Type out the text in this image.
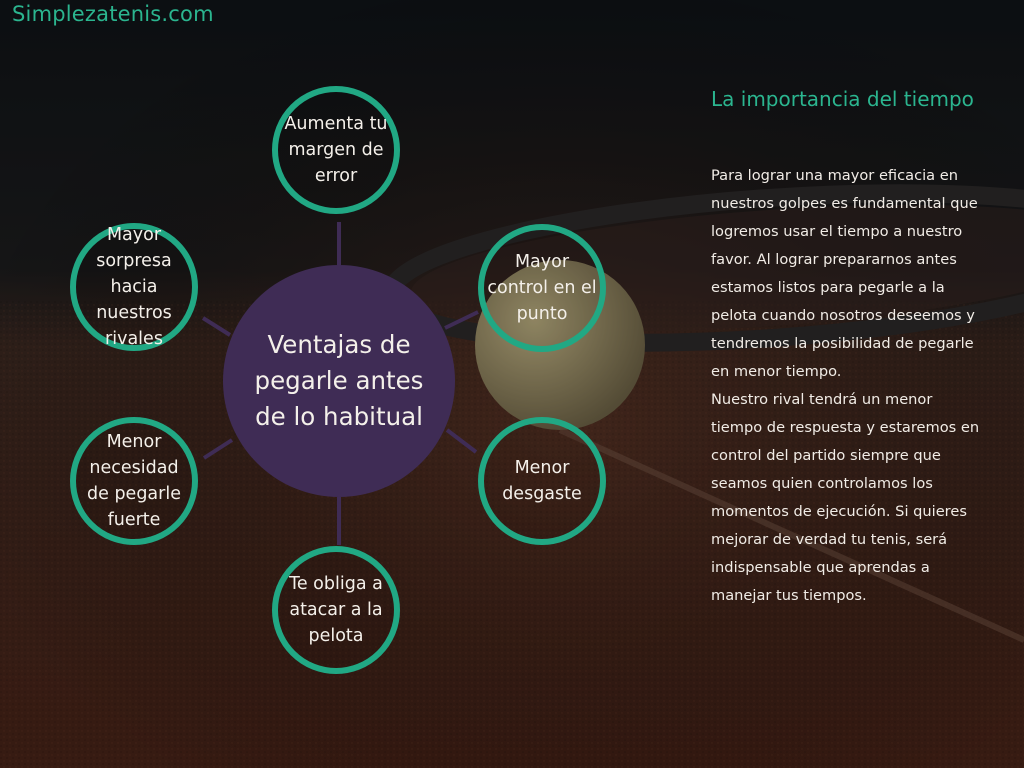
Simplezatenis.com
Ventajas de pegarle antes de lo habitual
Aumenta tu margen de error
Mayor control en el punto
Menor desgaste
Te obliga a atacar a la pelota
Menor necesidad de pegarle fuerte
Mayor sorpresa hacia nuestros rivales
La importancia del tiempo

Para lograr una mayor eficacia en nuestros golpes es fundamental que logremos usar el tiempo a nuestro favor. Al lograr prepararnos antes estamos listos para pegarle a la pelota cuando nosotros deseemos y tendremos la posibilidad de pegarle en menor tiempo.

Nuestro rival tendrá un menor tiempo de respuesta y estaremos en control del partido siempre que seamos quien controlamos los momentos de ejecución. Si quieres mejorar de verdad tu tenis, será indispensable que aprendas a manejar tus tiempos.
